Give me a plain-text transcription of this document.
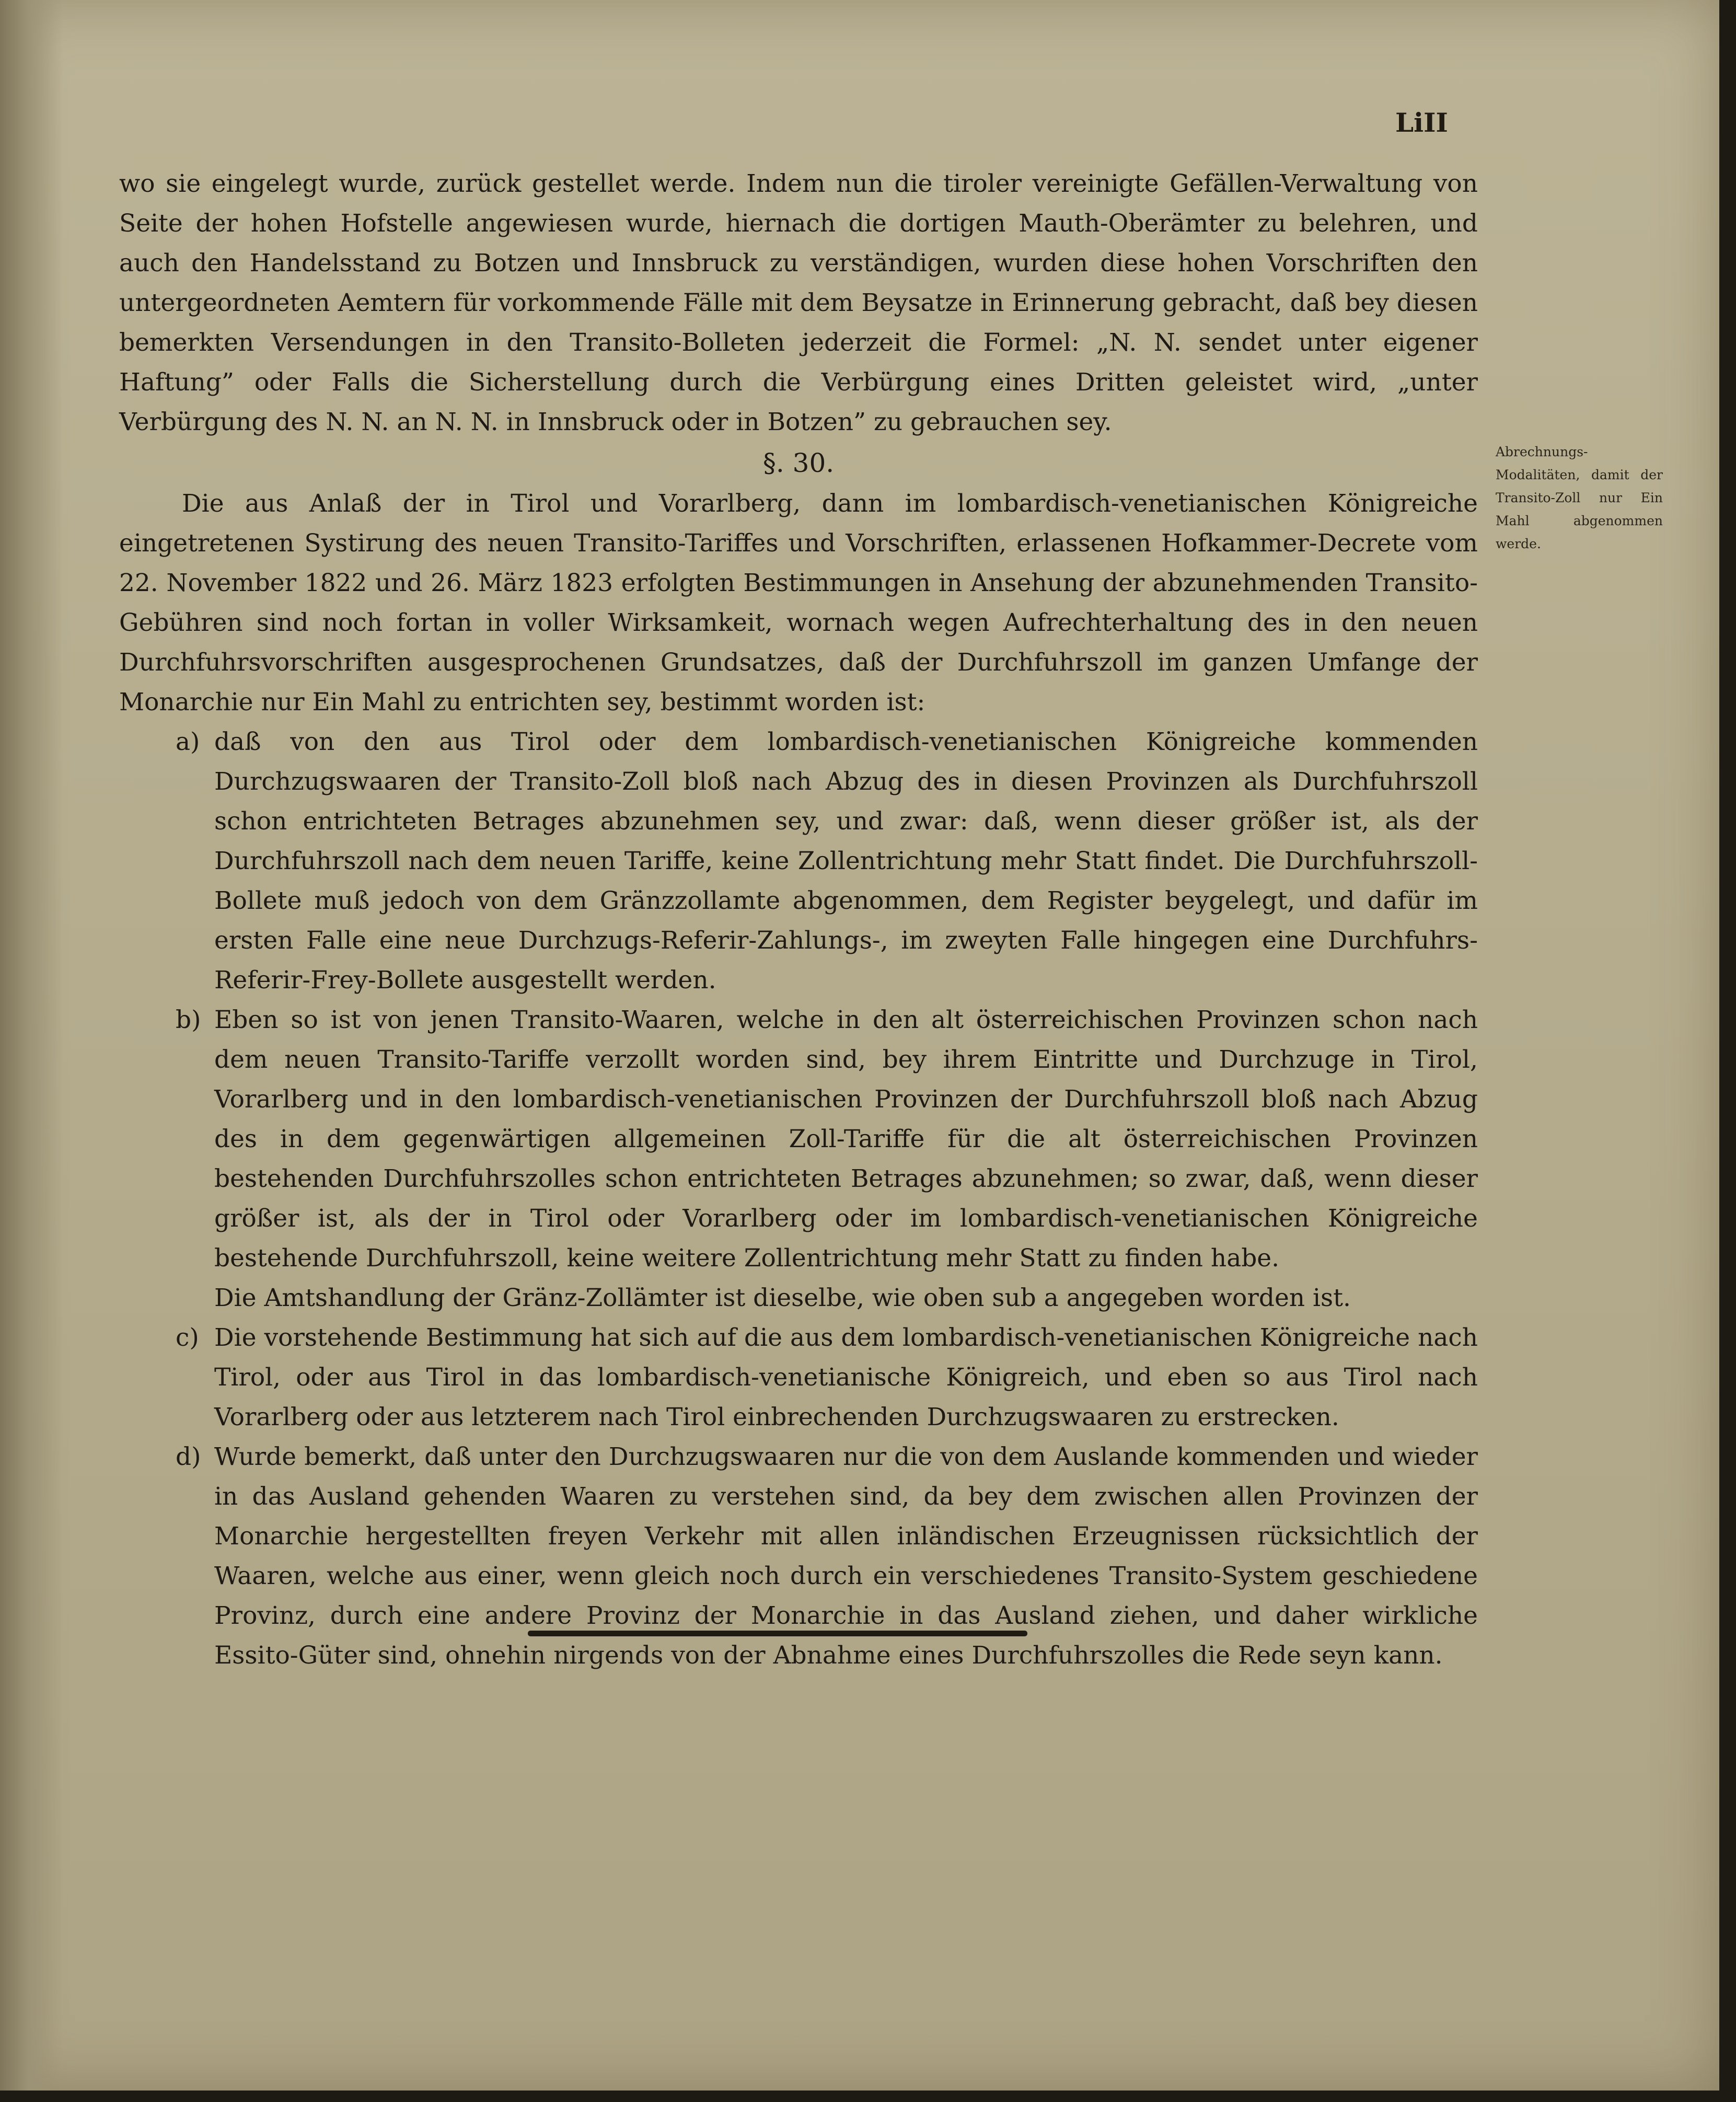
LiII

wo sie eingelegt wurde, zurück gestellet werde. Indem nun die tiroler vereinigte Gefällen-Verwaltung von Seite der hohen Hofstelle angewiesen wurde, hiernach die dortigen Mauth-Oberämter zu belehren, und auch den Handelsstand zu Botzen und Innsbruck zu verständigen, wurden diese hohen Vorschriften den untergeordneten Aemtern für vorkommende Fälle mit dem Beysatze in Erinnerung gebracht, daß bey diesen bemerkten Versendungen in den Transito-Bolleten jederzeit die Formel: „N. N. sendet unter eigener Haftung” oder Falls die Sicherstellung durch die Verbürgung eines Dritten geleistet wird, „unter Verbürgung des N. N. an N. N. in Innsbruck oder in Botzen” zu gebrauchen sey.

§. 30.

Die aus Anlaß der in Tirol und Vorarlberg, dann im lombardisch-venetianischen Königreiche eingetretenen Systirung des neuen Transito-Tariffes und Vorschriften, erlassenen Hofkammer-Decrete vom 22. November 1822 und 26. März 1823 erfolgten Bestimmungen in Ansehung der abzunehmenden Transito-Gebühren sind noch fortan in voller Wirksamkeit, wornach wegen Aufrechterhaltung des in den neuen Durchfuhrsvorschriften ausgesprochenen Grundsatzes, daß der Durchfuhrszoll im ganzen Umfange der Monarchie nur Ein Mahl zu entrichten sey, bestimmt worden ist:

a) daß von den aus Tirol oder dem lombardisch-venetianischen Königreiche kommenden Durchzugswaaren der Transito-Zoll bloß nach Abzug des in diesen Provinzen als Durchfuhrszoll schon entrichteten Betrages abzunehmen sey, und zwar: daß, wenn dieser größer ist, als der Durchfuhrszoll nach dem neuen Tariffe, keine Zollentrichtung mehr Statt findet. Die Durchfuhrszoll-Bollete muß jedoch von dem Gränzzollamte abgenommen, dem Register beygelegt, und dafür im ersten Falle eine neue Durchzugs-Referir-Zahlungs-, im zweyten Falle hingegen eine Durchfuhrs-Referir-Frey-Bollete ausgestellt werden.
b) Eben so ist von jenen Transito-Waaren, welche in den alt österreichischen Provinzen schon nach dem neuen Transito-Tariffe verzollt worden sind, bey ihrem Eintritte und Durchzuge in Tirol, Vorarlberg und in den lombardisch-venetianischen Provinzen der Durchfuhrszoll bloß nach Abzug des in dem gegenwärtigen allgemeinen Zoll-Tariffe für die alt österreichischen Provinzen bestehenden Durchfuhrszolles schon entrichteten Betrages abzunehmen; so zwar, daß, wenn dieser größer ist, als der in Tirol oder Vorarlberg oder im lombardisch-venetianischen Königreiche bestehende Durchfuhrszoll, keine weitere Zollentrichtung mehr Statt zu finden habe.
Die Amtshandlung der Gränz-Zollämter ist dieselbe, wie oben sub a angegeben worden ist.
c) Die vorstehende Bestimmung hat sich auf die aus dem lombardisch-venetianischen Königreiche nach Tirol, oder aus Tirol in das lombardisch-venetianische Königreich, und eben so aus Tirol nach Vorarlberg oder aus letzterem nach Tirol einbrechenden Durchzugswaaren zu erstrecken.
d) Wurde bemerkt, daß unter den Durchzugswaaren nur die von dem Auslande kommenden und wieder in das Ausland gehenden Waaren zu verstehen sind, da bey dem zwischen allen Provinzen der Monarchie hergestellten freyen Verkehr mit allen inländischen Erzeugnissen rücksichtlich der Waaren, welche aus einer, wenn gleich noch durch ein verschiedenes Transito-System geschiedene Provinz, durch eine andere Provinz der Monarchie in das Ausland ziehen, und daher wirkliche Essito-Güter sind, ohnehin nirgends von der Abnahme eines Durchfuhrszolles die Rede seyn kann.
Abrechnungs-Modalitäten, damit der Transito-Zoll nur Ein Mahl abgenommen werde.
